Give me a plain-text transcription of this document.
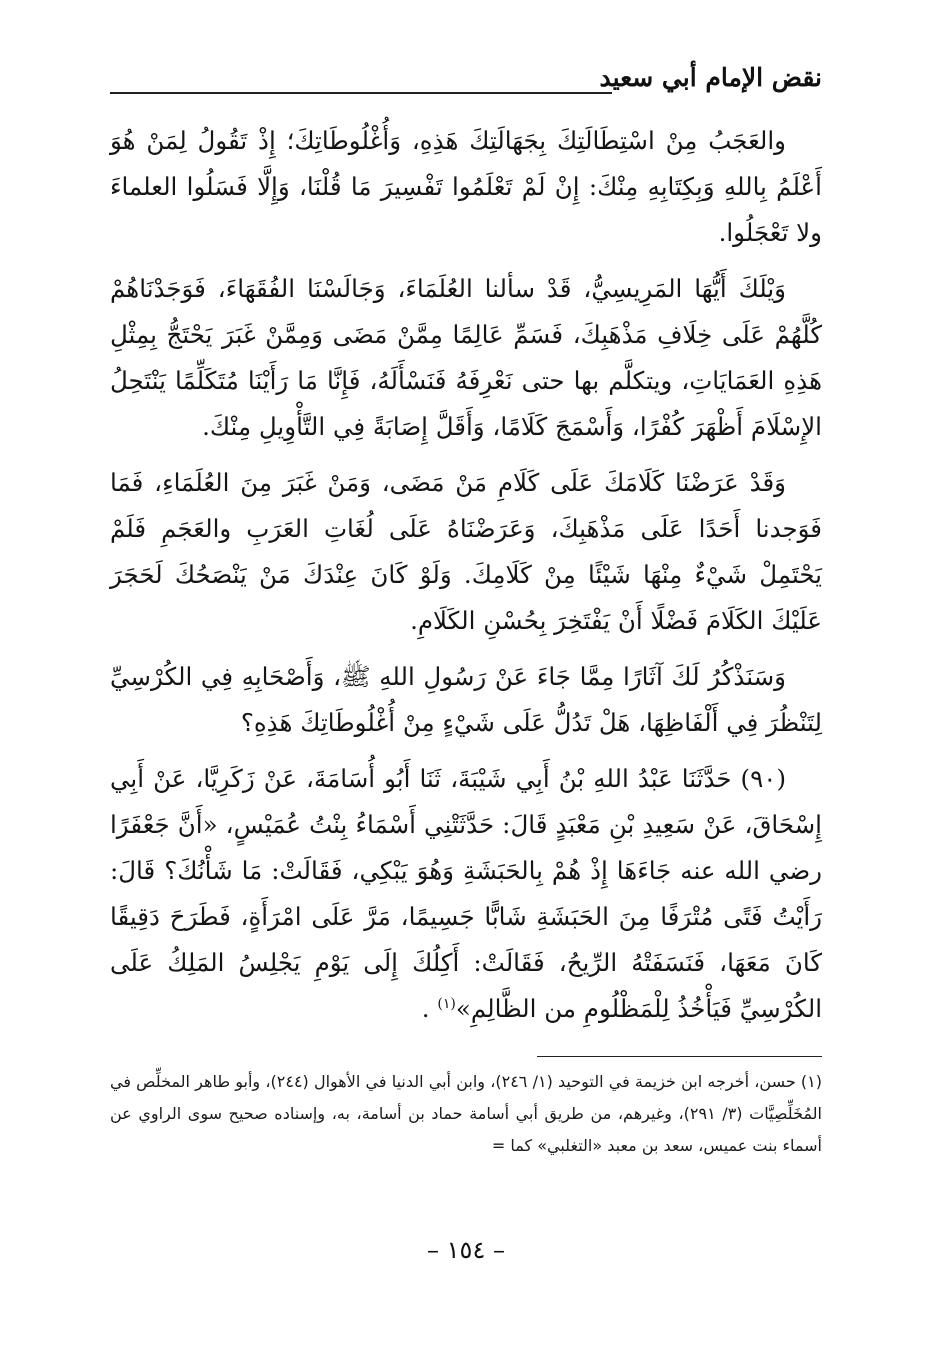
نقض الإمام أبي سعيد

والعَجَبُ مِنْ اسْتِطَالَتِكَ بِجَهَالَتِكَ هَذِهِ، وَأُغْلُوطَاتِكَ؛ إِذْ تَقُولُ لِمَنْ هُوَ أَعْلَمُ بِاللهِ وَبِكِتَابِهِ مِنْكَ: إِنْ لَمْ تَعْلَمُوا تَفْسِيرَ مَا قُلْنَا، وَإِلَّا فَسَلُوا العلماءَ ولا تَعْجَلُوا.

وَيْلَكَ أَيُّهَا المَرِيسِيُّ، قَدْ سألنا العُلَمَاءَ، وَجَالَسْنَا الفُقَهَاءَ، فَوَجَدْنَاهُمْ كُلَّهُمْ عَلَى خِلَافِ مَذْهَبِكَ، فَسَمِّ عَالِمًا مِمَّنْ مَضَى وَمِمَّنْ غَبَرَ يَحْتَجُّ بِمِثْلِ هَذِهِ العَمَايَاتِ، ويتكلَّم بها حتى نَعْرِفَهُ فَنَسْأَلَهُ، فَإِنَّا مَا رَأَيْنَا مُتَكَلِّمًا يَنْتَحِلُ الإِسْلَامَ أَظْهَرَ كُفْرًا، وَأَسْمَجَ كَلَامًا، وَأَقَلَّ إِصَابَةً فِي التَّأْوِيلِ مِنْكَ.

وَقَدْ عَرَضْنَا كَلَامَكَ عَلَى كَلَامِ مَنْ مَضَى، وَمَنْ غَبَرَ مِنَ العُلَمَاءِ، فَمَا فَوَجدنا أَحَدًا عَلَى مَذْهَبِكَ، وَعَرَضْنَاهُ عَلَى لُغَاتِ العَرَبِ والعَجَمِ فَلَمْ يَحْتَمِلْ شَيْءٌ مِنْهَا شَيْئًا مِنْ كَلَامِكَ. وَلَوْ كَانَ عِنْدَكَ مَنْ يَنْصَحُكَ لَحَجَرَ عَلَيْكَ الكَلَامَ فَضْلًا أَنْ يَفْتَخِرَ بِحُسْنِ الكَلَامِ.

وَسَنَذْكُرُ لَكَ آثَارًا مِمَّا جَاءَ عَنْ رَسُولِ اللهِ ﷺ، وَأَصْحَابِهِ فِي الكُرْسِيِّ لِتَنْظُرَ فِي أَلْفَاظِهَا، هَلْ تَدُلُّ عَلَى شَيْءٍ مِنْ أُغْلُوطَاتِكَ هَذِهِ؟

(٩٠) حَدَّثَنَا عَبْدُ اللهِ بْنُ أَبِي شَيْبَةَ، ثَنَا أَبُو أُسَامَةَ، عَنْ زَكَرِيَّا، عَنْ أَبِي إِسْحَاقَ، عَنْ سَعِيدِ بْنِ مَعْبَدٍ قَالَ: حَدَّثَتْنِي أَسْمَاءُ بِنْتُ عُمَيْسٍ، «أَنَّ جَعْفَرًا رضي الله عنه جَاءَهَا إِذْ هُمْ بِالحَبَشَةِ وَهُوَ يَبْكِي، فَقَالَتْ: مَا شَأْنُكَ؟ قَالَ: رَأَيْتُ فَتًى مُتْرَفًا مِنَ الحَبَشَةِ شَابًّا جَسِيمًا، مَرَّ عَلَى امْرَأَةٍ، فَطَرَحَ دَقِيقًا كَانَ مَعَهَا، فَنَسَفَتْهُ الرِّيحُ، فَقَالَتْ: أَكِلُكَ إِلَى يَوْمِ يَجْلِسُ المَلِكُ عَلَى الكُرْسِيِّ فَيَأْخُذُ لِلْمَظْلُومِ من الظَّالِمِ»$^{(١)}$ .

(١) حسن، أخرجه ابن خزيمة في التوحيد (١/ ٢٤٦)، وابن أبي الدنيا في الأهوال (٢٤٤)، وأبو طاهر المخلِّص في المُخَلِّصِيَّات (٣/ ٢٩١)، وغيرهم، من طريق أبي أسامة حماد بن أسامة، به، وإسناده صحيح سوى الراوي عن أسماء بنت عميس، سعد بن معبد «التغلبي» كما =

– ١٥٤ –
